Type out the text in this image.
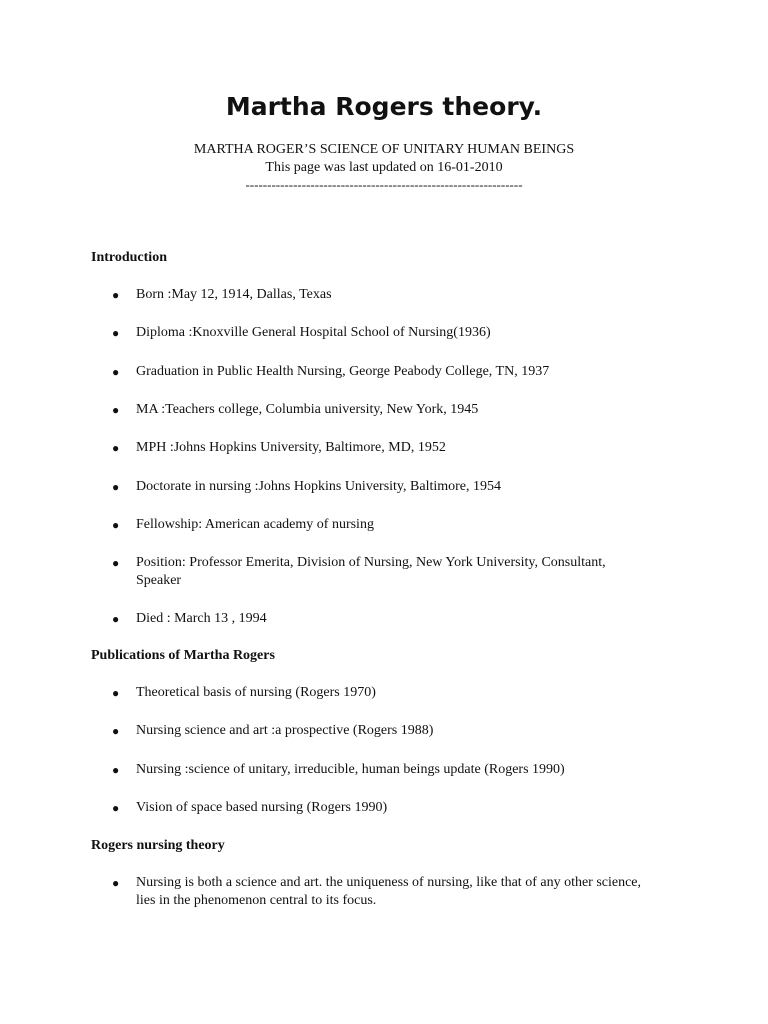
Martha Rogers theory.
MARTHA ROGER’S SCIENCE OF UNITARY HUMAN BEINGS
This page was last updated on 16-01-2010
----------------------------------------------------------------
Introduction
●	Born :May 12, 1914, Dallas, Texas
●	Diploma :Knoxville General Hospital School of Nursing(1936)
●	Graduation in Public Health Nursing, George Peabody College, TN, 1937
●	MA :Teachers college, Columbia university, New York, 1945
●	MPH :Johns Hopkins University, Baltimore, MD, 1952
●	Doctorate in nursing :Johns Hopkins University, Baltimore, 1954
●	Fellowship: American academy of nursing
●	Position: Professor Emerita, Division of Nursing, New York University, Consultant, Speaker
●	Died : March 13 , 1994
Publications of Martha Rogers
●	Theoretical basis of nursing (Rogers 1970)
●	Nursing science and art :a prospective (Rogers 1988)
●	Nursing :science of unitary, irreducible, human beings update (Rogers 1990)
●	Vision of space based nursing (Rogers 1990)
Rogers nursing theory
●	Nursing is both a science and art. the uniqueness of nursing, like that of any other science, lies in the phenomenon central to its focus.
